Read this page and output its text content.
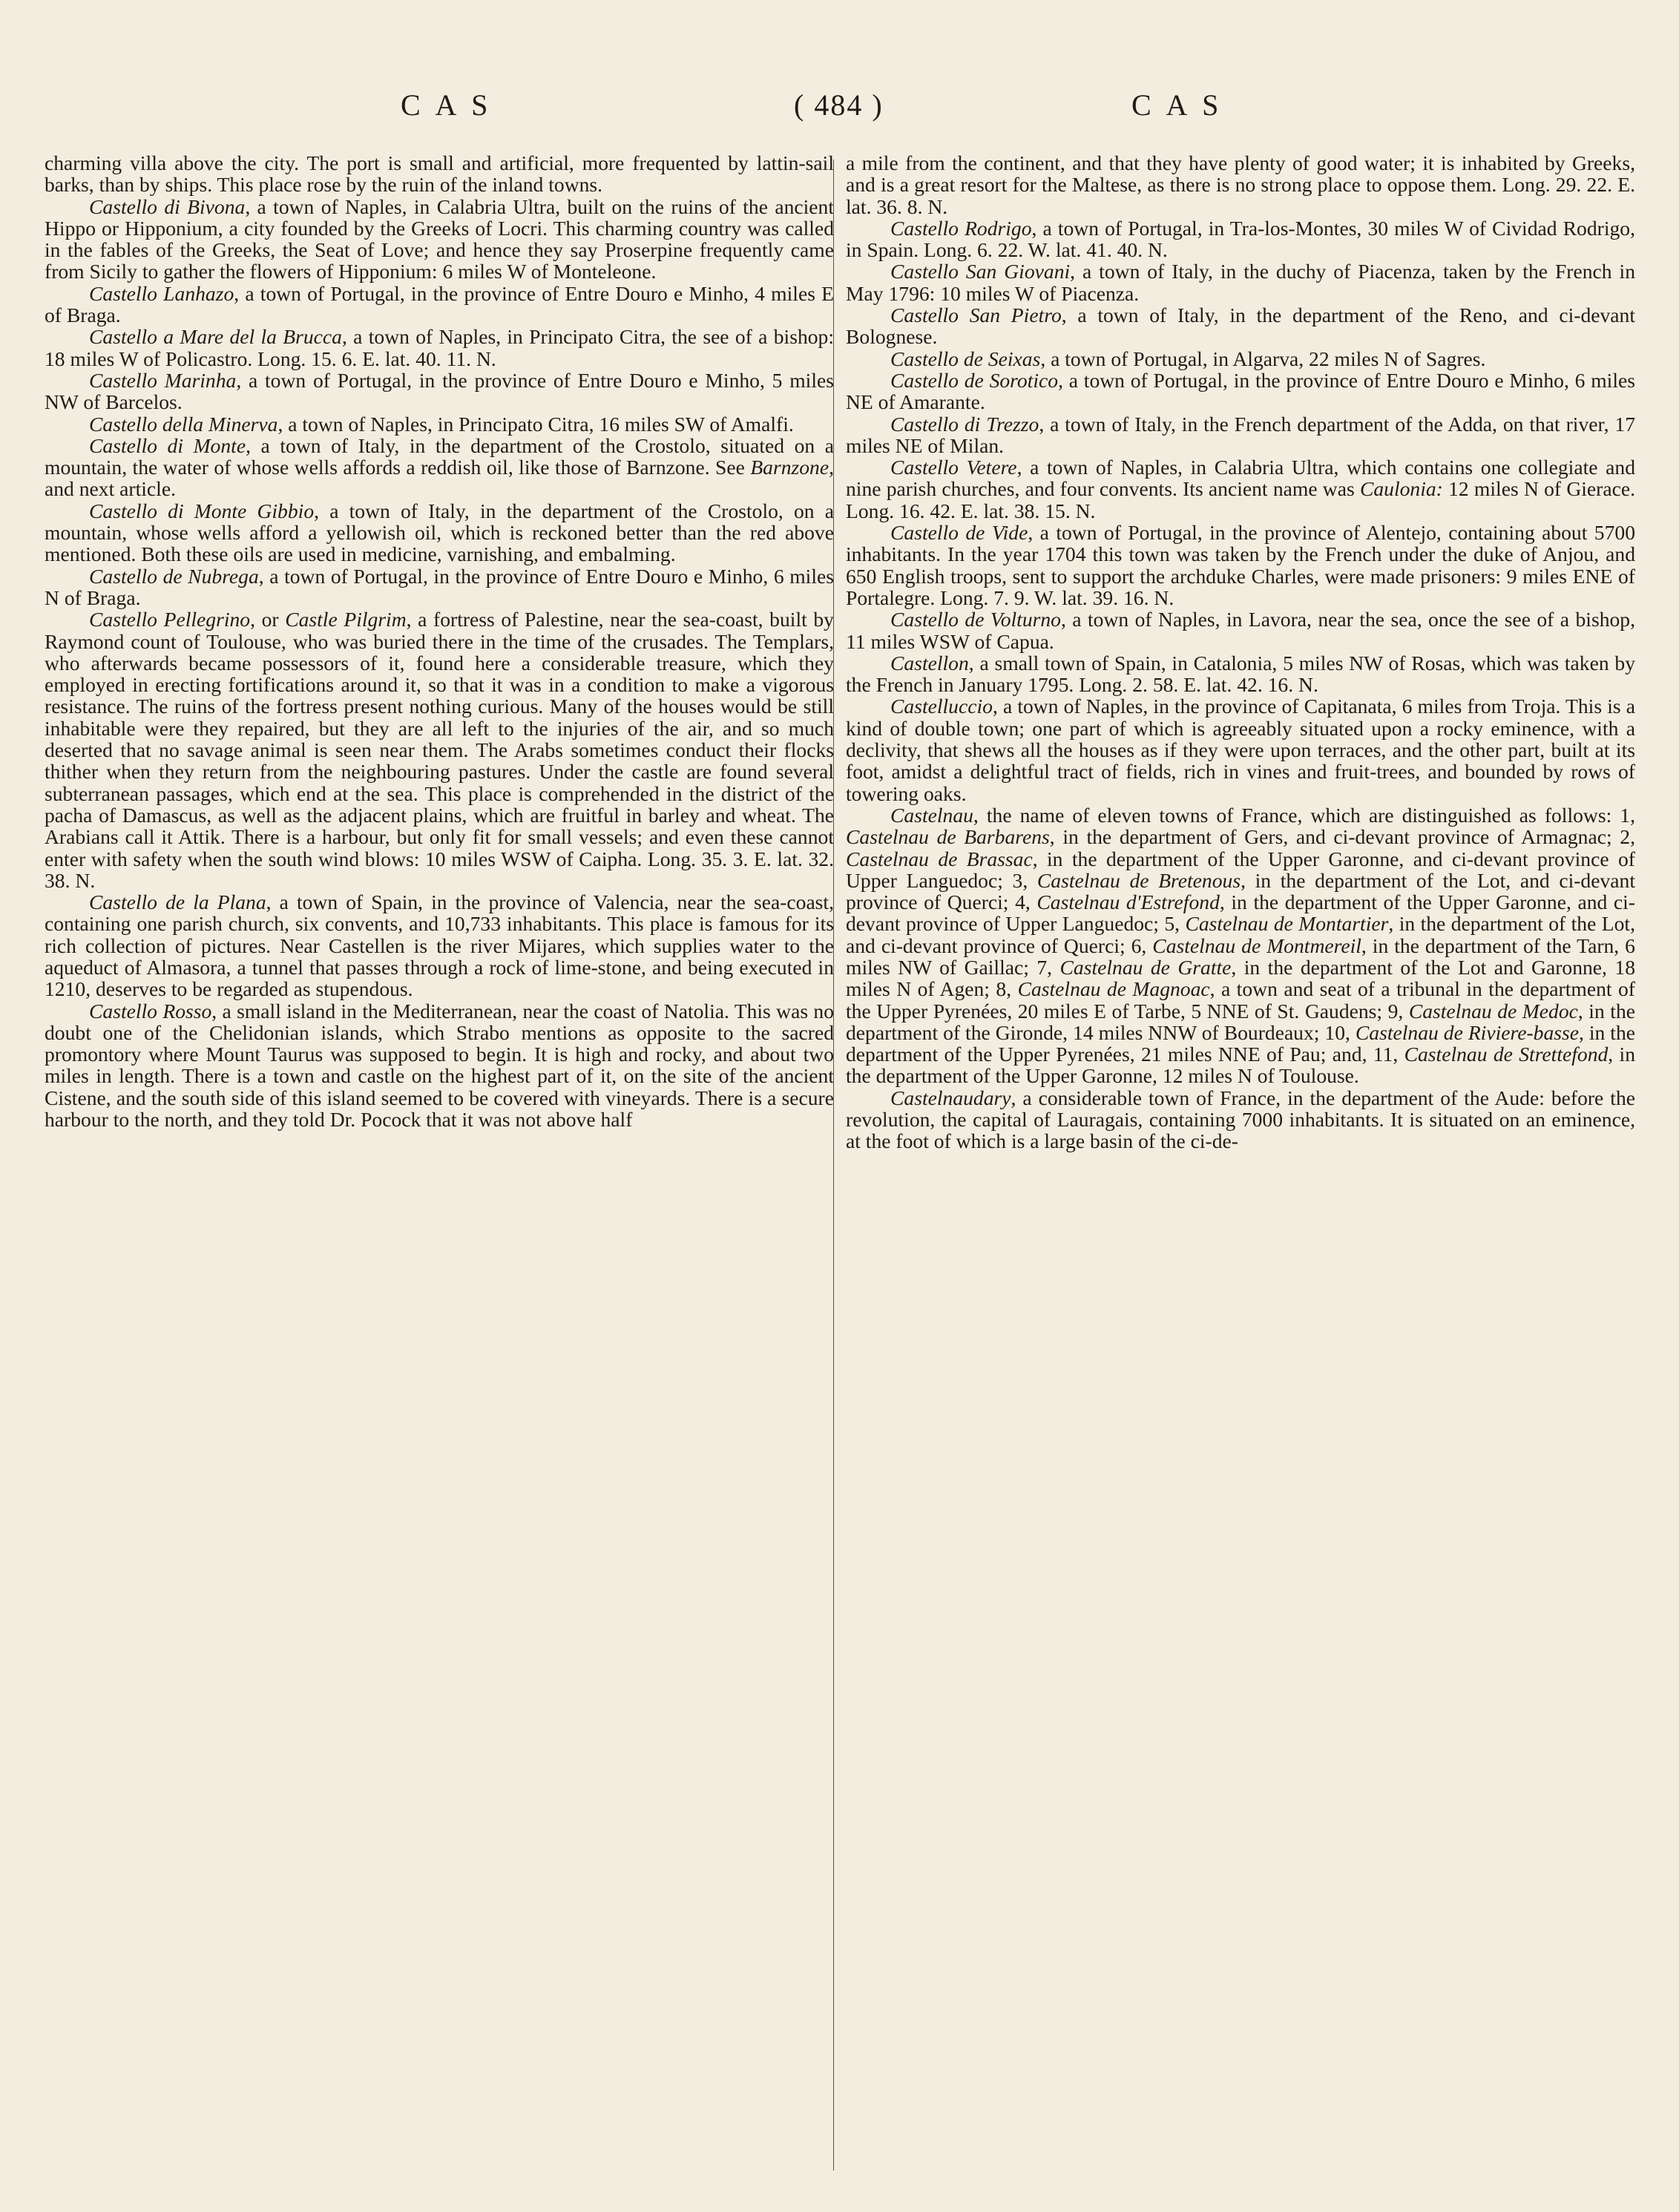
C A S	( 484 )	C A S

charming villa above the city. The port is small and artificial, more frequented by lattin-sail barks, than by ships. This place rose by the ruin of the inland towns.

Castello di Bivona, a town of Naples, in Calabria Ultra, built on the ruins of the ancient Hippo or Hipponium, a city founded by the Greeks of Locri. This charming country was called in the fables of the Greeks, the Seat of Love; and hence they say Proserpine frequently came from Sicily to gather the flowers of Hipponium: 6 miles W of Monteleone.

Castello Lanhazo, a town of Portugal, in the province of Entre Douro e Minho, 4 miles E of Braga.

Castello a Mare del la Brucca, a town of Naples, in Principato Citra, the see of a bishop: 18 miles W of Policastro. Long. 15. 6. E. lat. 40. 11. N.

Castello Marinha, a town of Portugal, in the province of Entre Douro e Minho, 5 miles NW of Barcelos.

Castello della Minerva, a town of Naples, in Principato Citra, 16 miles SW of Amalfi.

Castello di Monte, a town of Italy, in the department of the Crostolo, situated on a mountain, the water of whose wells affords a reddish oil, like those of Barnzone. See Barnzone, and next article.

Castello di Monte Gibbio, a town of Italy, in the department of the Crostolo, on a mountain, whose wells afford a yellowish oil, which is reckoned better than the red above mentioned. Both these oils are used in medicine, varnishing, and embalming.

Castello de Nubrega, a town of Portugal, in the province of Entre Douro e Minho, 6 miles N of Braga.

Castello Pellegrino, or Castle Pilgrim, a fortress of Palestine, near the sea-coast, built by Raymond count of Toulouse, who was buried there in the time of the crusades. The Templars, who afterwards became possessors of it, found here a considerable treasure, which they employed in erecting fortifications around it, so that it was in a condition to make a vigorous resistance. The ruins of the fortress present nothing curious. Many of the houses would be still inhabitable were they repaired, but they are all left to the injuries of the air, and so much deserted that no savage animal is seen near them. The Arabs sometimes conduct their flocks thither when they return from the neighbouring pastures. Under the castle are found several subterranean passages, which end at the sea. This place is comprehended in the district of the pacha of Damascus, as well as the adjacent plains, which are fruitful in barley and wheat. The Arabians call it Attik. There is a harbour, but only fit for small vessels; and even these cannot enter with safety when the south wind blows: 10 miles WSW of Caipha. Long. 35. 3. E. lat. 32. 38. N.

Castello de la Plana, a town of Spain, in the province of Valencia, near the sea-coast, containing one parish church, six convents, and 10,733 inhabitants. This place is famous for its rich collection of pictures. Near Castellen is the river Mijares, which supplies water to the aqueduct of Almasora, a tunnel that passes through a rock of lime-stone, and being executed in 1210, deserves to be regarded as stupendous.

Castello Rosso, a small island in the Mediterranean, near the coast of Natolia. This was no doubt one of the Chelidonian islands, which Strabo mentions as opposite to the sacred promontory where Mount Taurus was supposed to begin. It is high and rocky, and about two miles in length. There is a town and castle on the highest part of it, on the site of the ancient Cistene, and the south side of this island seemed to be covered with vineyards. There is a secure harbour to the north, and they told Dr. Pocock that it was not above half

a mile from the continent, and that they have plenty of good water; it is inhabited by Greeks, and is a great resort for the Maltese, as there is no strong place to oppose them. Long. 29. 22. E. lat. 36. 8. N.

Castello Rodrigo, a town of Portugal, in Tra-los-Montes, 30 miles W of Cividad Rodrigo, in Spain. Long. 6. 22. W. lat. 41. 40. N.

Castello San Giovani, a town of Italy, in the duchy of Piacenza, taken by the French in May 1796: 10 miles W of Piacenza.

Castello San Pietro, a town of Italy, in the department of the Reno, and ci-devant Bolognese.

Castello de Seixas, a town of Portugal, in Algarva, 22 miles N of Sagres.

Castello de Sorotico, a town of Portugal, in the province of Entre Douro e Minho, 6 miles NE of Amarante.

Castello di Trezzo, a town of Italy, in the French department of the Adda, on that river, 17 miles NE of Milan.

Castello Vetere, a town of Naples, in Calabria Ultra, which contains one collegiate and nine parish churches, and four convents. Its ancient name was Caulonia: 12 miles N of Gierace. Long. 16. 42. E. lat. 38. 15. N.

Castello de Vide, a town of Portugal, in the province of Alentejo, containing about 5700 inhabitants. In the year 1704 this town was taken by the French under the duke of Anjou, and 650 English troops, sent to support the archduke Charles, were made prisoners: 9 miles ENE of Portalegre. Long. 7. 9. W. lat. 39. 16. N.

Castello de Volturno, a town of Naples, in Lavora, near the sea, once the see of a bishop, 11 miles WSW of Capua.

Castellon, a small town of Spain, in Catalonia, 5 miles NW of Rosas, which was taken by the French in January 1795. Long. 2. 58. E. lat. 42. 16. N.

Castelluccio, a town of Naples, in the province of Capitanata, 6 miles from Troja. This is a kind of double town; one part of which is agreeably situated upon a rocky eminence, with a declivity, that shews all the houses as if they were upon terraces, and the other part, built at its foot, amidst a delightful tract of fields, rich in vines and fruit-trees, and bounded by rows of towering oaks.

Castelnau, the name of eleven towns of France, which are distinguished as follows: 1, Castelnau de Barbarens, in the department of Gers, and ci-devant province of Armagnac; 2, Castelnau de Brassac, in the department of the Upper Garonne, and ci-devant province of Upper Languedoc; 3, Castelnau de Bretenous, in the department of the Lot, and ci-devant province of Querci; 4, Castelnau d'Estrefond, in the department of the Upper Garonne, and ci-devant province of Upper Languedoc; 5, Castelnau de Montartier, in the department of the Lot, and ci-devant province of Querci; 6, Castelnau de Montmereil, in the department of the Tarn, 6 miles NW of Gaillac; 7, Castelnau de Gratte, in the department of the Lot and Garonne, 18 miles N of Agen; 8, Castelnau de Magnoac, a town and seat of a tribunal in the department of the Upper Pyrenées, 20 miles E of Tarbe, 5 NNE of St. Gaudens; 9, Castelnau de Medoc, in the department of the Gironde, 14 miles NNW of Bourdeaux; 10, Castelnau de Riviere-basse, in the department of the Upper Pyrenées, 21 miles NNE of Pau; and, 11, Castelnau de Strettefond, in the department of the Upper Garonne, 12 miles N of Toulouse.

Castelnaudary, a considerable town of France, in the department of the Aude: before the revolution, the capital of Lauragais, containing 7000 inhabitants. It is situated on an eminence, at the foot of which is a large basin of the ci-de-
